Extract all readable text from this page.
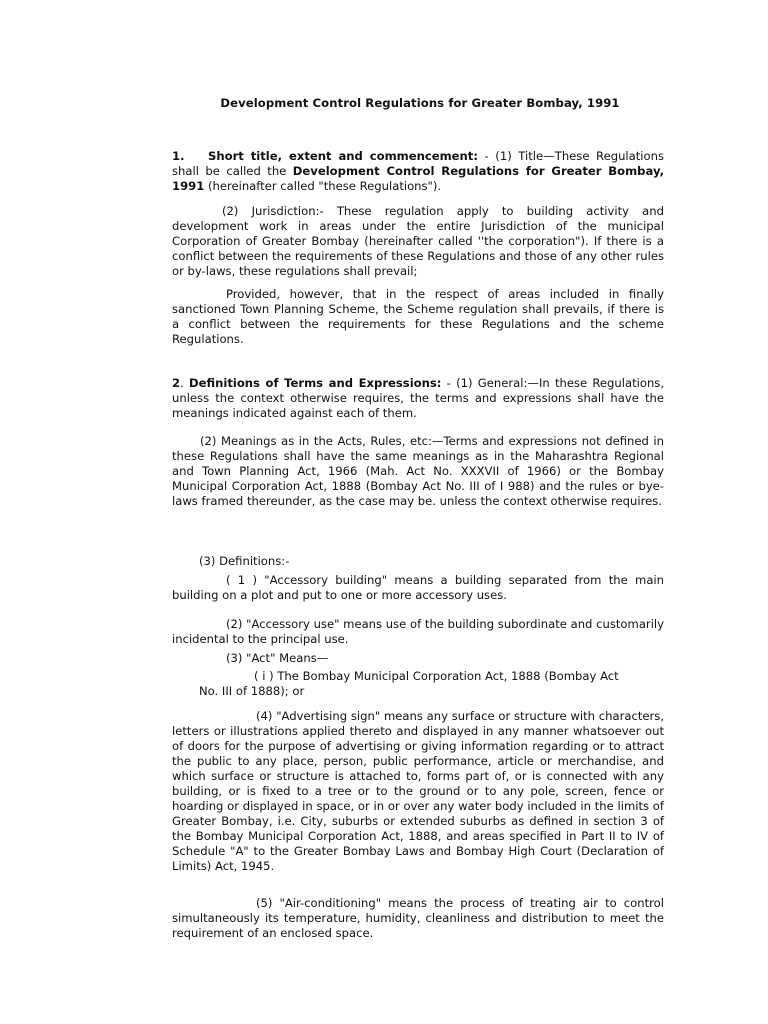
Development Control Regulations for Greater Bombay, 1991

1. Short title, extent and commencement: - (1) Title—These Regulations shall be called the Development Control Regulations for Greater Bombay, 1991 (hereinafter called "these Regulations").

(2) Jurisdiction:- These regulation apply to building activity and development work in areas under the entire Jurisdiction of the municipal Corporation of Greater Bombay (hereinafter called ''the corporation"). If there is a conflict between the requirements of these Regulations and those of any other rules or by-laws, these regulations shall prevail;

Provided, however, that in the respect of areas included in finally sanctioned Town Planning Scheme, the Scheme regulation shall prevails, if there is a conflict between the requirements for these Regulations and the scheme Regulations.

2. Definitions of Terms and Expressions: - (1) General:—In these Regulations, unless the context otherwise requires, the terms and expressions shall have the meanings indicated against each of them.

(2) Meanings as in the Acts, Rules, etc:—Terms and expressions not defined in these Regulations shall have the same meanings as in the Maharashtra Regional and Town Planning Act, 1966 (Mah. Act No. XXXVII of 1966) or the Bombay Municipal Corporation Act, 1888 (Bombay Act No. III of I 988) and the rules or bye-laws framed thereunder, as the case may be. unless the context otherwise requires.

(3) Definitions:-

( 1 ) "Accessory building" means a building separated from the main building on a plot and put to one or more accessory uses.

(2) "Accessory use" means use of the building subordinate and customarily incidental to the principal use.

(3) "Act" Means—

( i ) The Bombay Municipal Corporation Act, 1888 (Bombay Act

No. III of 1888); or

(4) "Advertising sign" means any surface or structure with characters, letters or illustrations applied thereto and displayed in any manner whatsoever out of doors for the purpose of advertising or giving information regarding or to attract the public to any place, person, public performance, article or merchandise, and which surface or structure is attached to, forms part of, or is connected with any building, or is fixed to a tree or to the ground or to any pole, screen, fence or hoarding or displayed in space, or in or over any water body included in the limits of Greater Bombay, i.e. City, suburbs or extended suburbs as defined in section 3 of the Bombay Municipal Corporation Act, 1888, and areas specified in Part II to IV of Schedule "A" to the Greater Bombay Laws and Bombay High Court (Declaration of Limits) Act, 1945.

(5) "Air-conditioning" means the process of treating air to control simultaneously its temperature, humidity, cleanliness and distribution to meet the requirement of an enclosed space.
